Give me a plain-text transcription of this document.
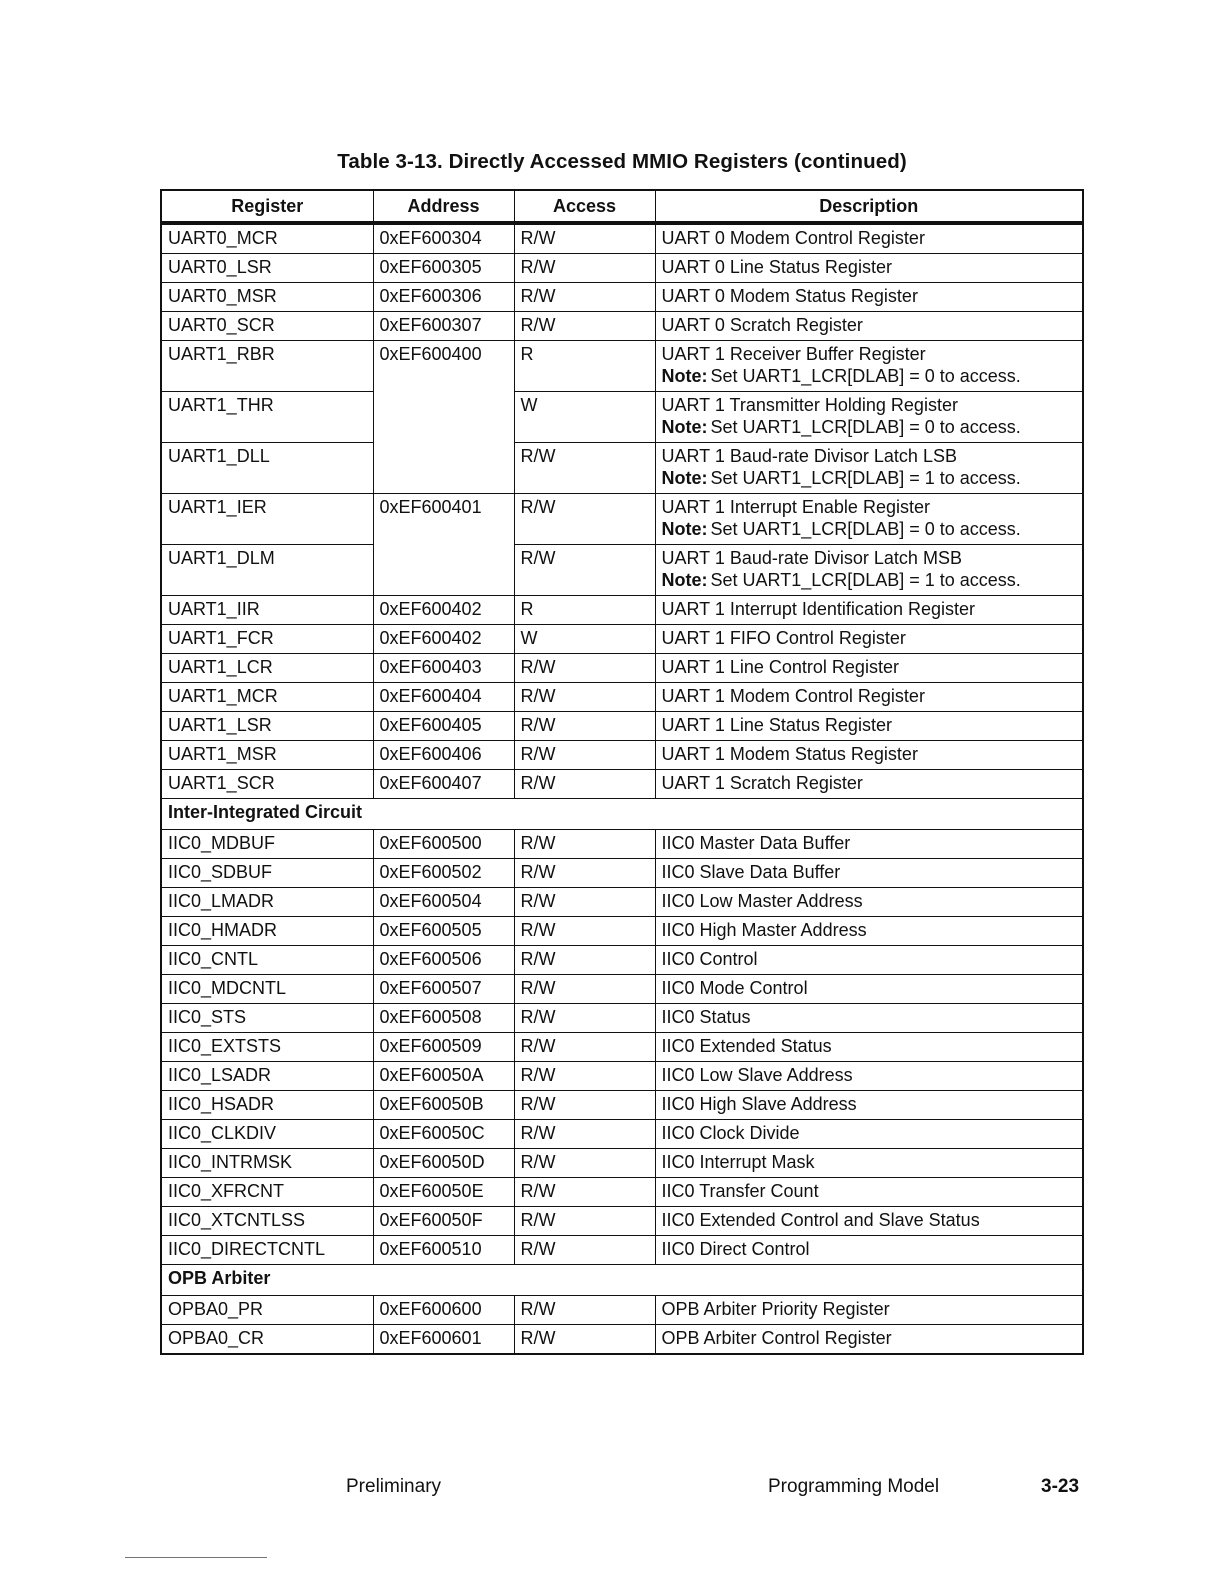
Table 3-13. Directly Accessed MMIO Registers (continued)
Register	Address	Access	Description
UART0_MCR	0xEF600304	R/W	UART 0 Modem Control Register
UART0_LSR	0xEF600305	R/W	UART 0 Line Status Register
UART0_MSR	0xEF600306	R/W	UART 0 Modem Status Register
UART0_SCR	0xEF600307	R/W	UART 0 Scratch Register
UART1_RBR	0xEF600400	R	UART 1 Receiver Buffer Register
Note: Set UART1_LCR[DLAB] = 0 to access.

UART1_THR		W	UART 1 Transmitter Holding Register
Note: Set UART1_LCR[DLAB] = 0 to access.

UART1_DLL		R/W	UART 1 Baud-rate Divisor Latch LSB
Note: Set UART1_LCR[DLAB] = 1 to access.

UART1_IER	0xEF600401	R/W	UART 1 Interrupt Enable Register
Note: Set UART1_LCR[DLAB] = 0 to access.

UART1_DLM		R/W	UART 1 Baud-rate Divisor Latch MSB
Note: Set UART1_LCR[DLAB] = 1 to access.

UART1_IIR	0xEF600402	R	UART 1 Interrupt Identification Register
UART1_FCR	0xEF600402	W	UART 1 FIFO Control Register
UART1_LCR	0xEF600403	R/W	UART 1 Line Control Register
UART1_MCR	0xEF600404	R/W	UART 1 Modem Control Register
UART1_LSR	0xEF600405	R/W	UART 1 Line Status Register
UART1_MSR	0xEF600406	R/W	UART 1 Modem Status Register
UART1_SCR	0xEF600407	R/W	UART 1 Scratch Register
Inter-Integrated Circuit			
IIC0_MDBUF	0xEF600500	R/W	IIC0 Master Data Buffer
IIC0_SDBUF	0xEF600502	R/W	IIC0 Slave Data Buffer
IIC0_LMADR	0xEF600504	R/W	IIC0 Low Master Address
IIC0_HMADR	0xEF600505	R/W	IIC0 High Master Address
IIC0_CNTL	0xEF600506	R/W	IIC0 Control
IIC0_MDCNTL	0xEF600507	R/W	IIC0 Mode Control
IIC0_STS	0xEF600508	R/W	IIC0 Status
IIC0_EXTSTS	0xEF600509	R/W	IIC0 Extended Status
IIC0_LSADR	0xEF60050A	R/W	IIC0 Low Slave Address
IIC0_HSADR	0xEF60050B	R/W	IIC0 High Slave Address
IIC0_CLKDIV	0xEF60050C	R/W	IIC0 Clock Divide
IIC0_INTRMSK	0xEF60050D	R/W	IIC0 Interrupt Mask
IIC0_XFRCNT	0xEF60050E	R/W	IIC0 Transfer Count
IIC0_XTCNTLSS	0xEF60050F	R/W	IIC0 Extended Control and Slave Status
IIC0_DIRECTCNTL	0xEF600510	R/W	IIC0 Direct Control
OPB Arbiter			
OPBA0_PR	0xEF600600	R/W	OPB Arbiter Priority Register
OPBA0_CR	0xEF600601	R/W	OPB Arbiter Control Register
Preliminary	Programming Model	3-23
